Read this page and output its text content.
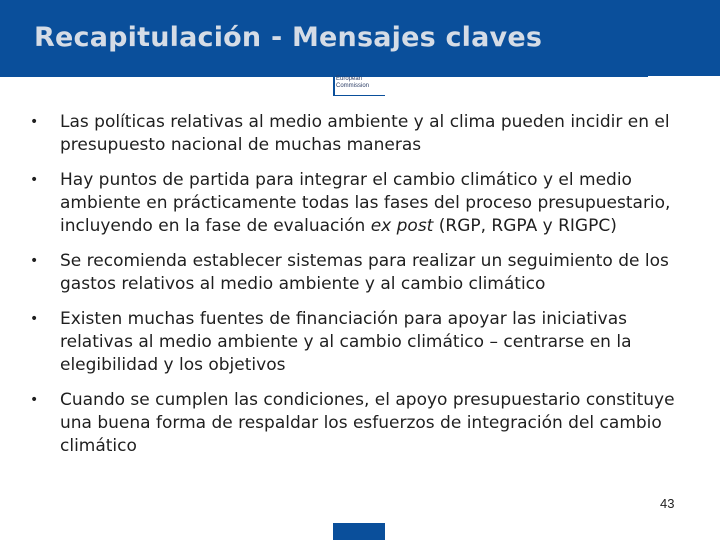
Recapitulación - Mensajes claves
European
Commission
• Las políticas relativas al medio ambiente y al clima pueden incidir en el presupuesto nacional de muchas maneras
• Hay puntos de partida para integrar el cambio climático y el medio ambiente en prácticamente todas las fases del proceso presupuestario, incluyendo en la fase de evaluación ex post (RGP, RGPA y RIGPC)
• Se recomienda establecer sistemas para realizar un seguimiento de los gastos relativos al medio ambiente y al cambio climático
• Existen muchas fuentes de financiación para apoyar las iniciativas relativas al medio ambiente y al cambio climático – centrarse en la elegibilidad y los objetivos
• Cuando se cumplen las condiciones, el apoyo presupuestario constituye una buena forma de respaldar los esfuerzos de integración del cambio climático
43
